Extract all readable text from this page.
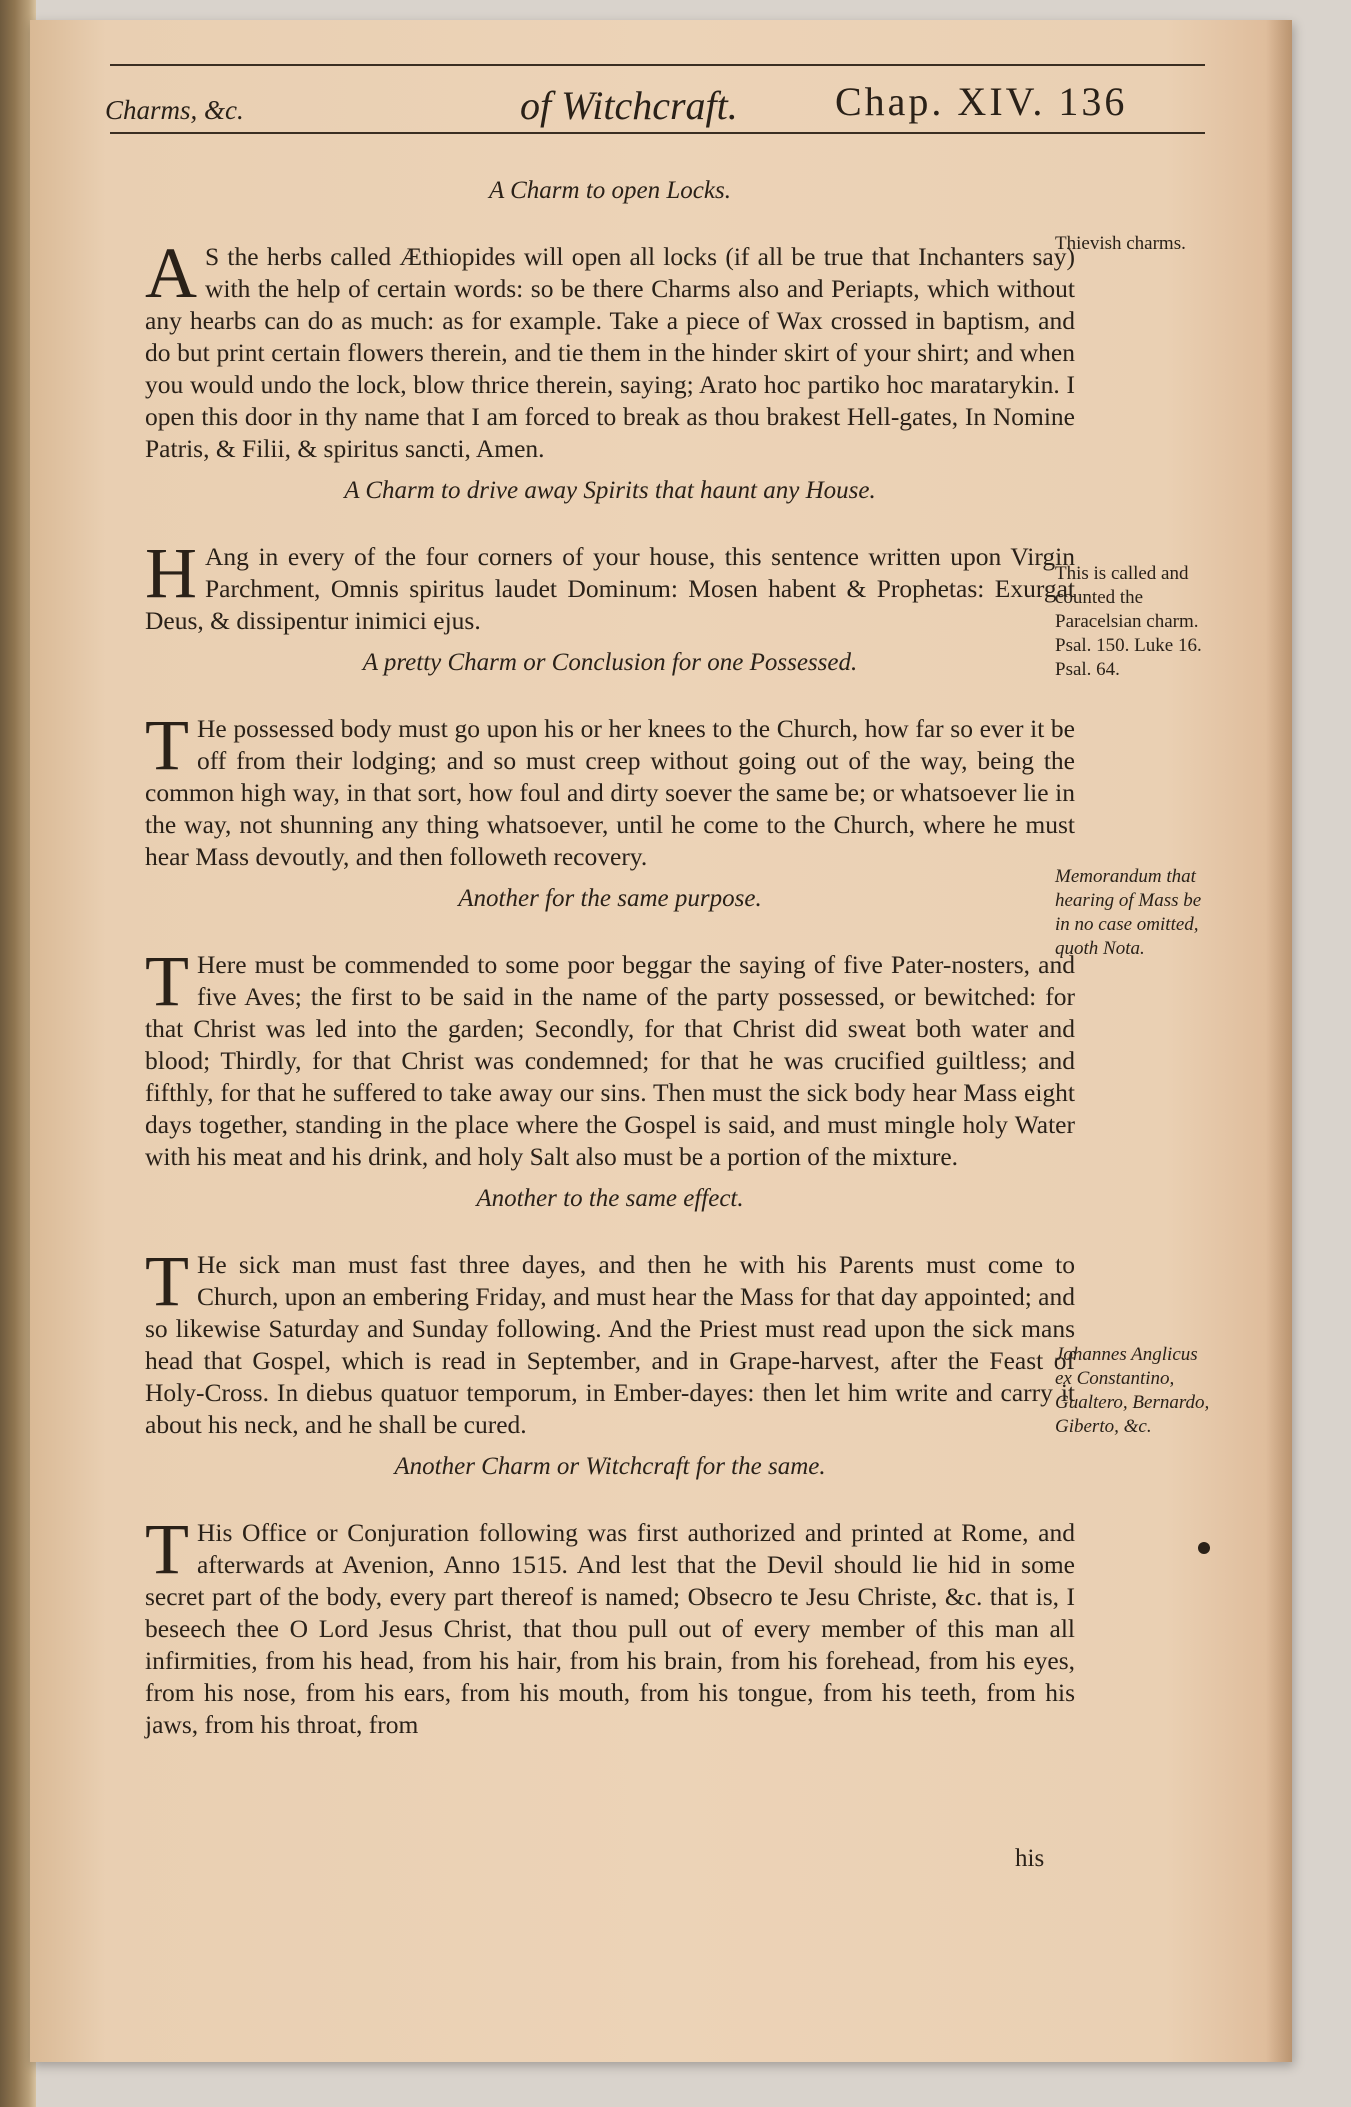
Charms, &c.	of Witchcraft. Chap. XIV. 136
A Charm to open Locks.
A S the herbs called Æthiopides will open all locks (if all be true that Inchanters say) with the help of certain words: so be there Charms also and Periapts, which without any hearbs can do as much: as for example. Take a piece of Wax crossed in baptism, and do but print certain flowers therein, and tie them in the hinder skirt of your shirt; and when you would undo the lock, blow thrice therein, saying; Arato hoc partiko hoc maratarykin. I open this door in thy name that I am forced to break as thou brakest Hell-gates, In Nomine Patris, & Filii, & spiritus sancti, Amen.
A Charm to drive away Spirits that haunt any House.
H Ang in every of the four corners of your house, this sentence written upon Virgin Parchment, Omnis spiritus laudet Dominum: Mosen habent & Prophetas: Exurgat Deus, & dissipentur inimici ejus.
A pretty Charm or Conclusion for one Possessed.
T He possessed body must go upon his or her knees to the Church, how far so ever it be off from their lodging; and so must creep without going out of the way, being the common high way, in that sort, how foul and dirty soever the same be; or whatsoever lie in the way, not shunning any thing whatsoever, until he come to the Church, where he must hear Mass devoutly, and then followeth recovery.
Another for the same purpose.
T Here must be commended to some poor beggar the saying of five Pater-nosters, and five Aves; the first to be said in the name of the party possessed, or bewitched: for that Christ was led into the garden; Secondly, for that Christ did sweat both water and blood; Thirdly, for that Christ was condemned; for that he was crucified guiltless; and fifthly, for that he suffered to take away our sins. Then must the sick body hear Mass eight days together, standing in the place where the Gospel is said, and must mingle holy Water with his meat and his drink, and holy Salt also must be a portion of the mixture.
Another to the same effect.
T He sick man must fast three dayes, and then he with his Parents must come to Church, upon an embering Friday, and must hear the Mass for that day appointed; and so likewise Saturday and Sunday following. And the Priest must read upon the sick mans head that Gospel, which is read in September, and in Grape-harvest, after the Feast of Holy-Cross. In diebus quatuor temporum, in Ember-dayes: then let him write and carry it about his neck, and he shall be cured.
Another Charm or Witchcraft for the same.
T His Office or Conjuration following was first authorized and printed at Rome, and afterwards at Avenion, Anno 1515. And lest that the Devil should lie hid in some secret part of the body, every part thereof is named; Obsecro te Jesu Christe, &c. that is, I beseech thee O Lord Jesus Christ, that thou pull out of every member of this man all infirmities, from his head, from his hair, from his brain, from his forehead, from his eyes, from his nose, from his ears, from his mouth, from his tongue, from his teeth, from his jaws, from his throat, from
his
Thievish charms.
This is called and counted the Paracelsian charm. Psal. 150. Luke 16. Psal. 64.
Memorandum that hearing of Mass be in no case omitted, quoth Nota.
Johannes Anglicus ex Constantino, Gualtero, Bernardo, Giberto, &c.
